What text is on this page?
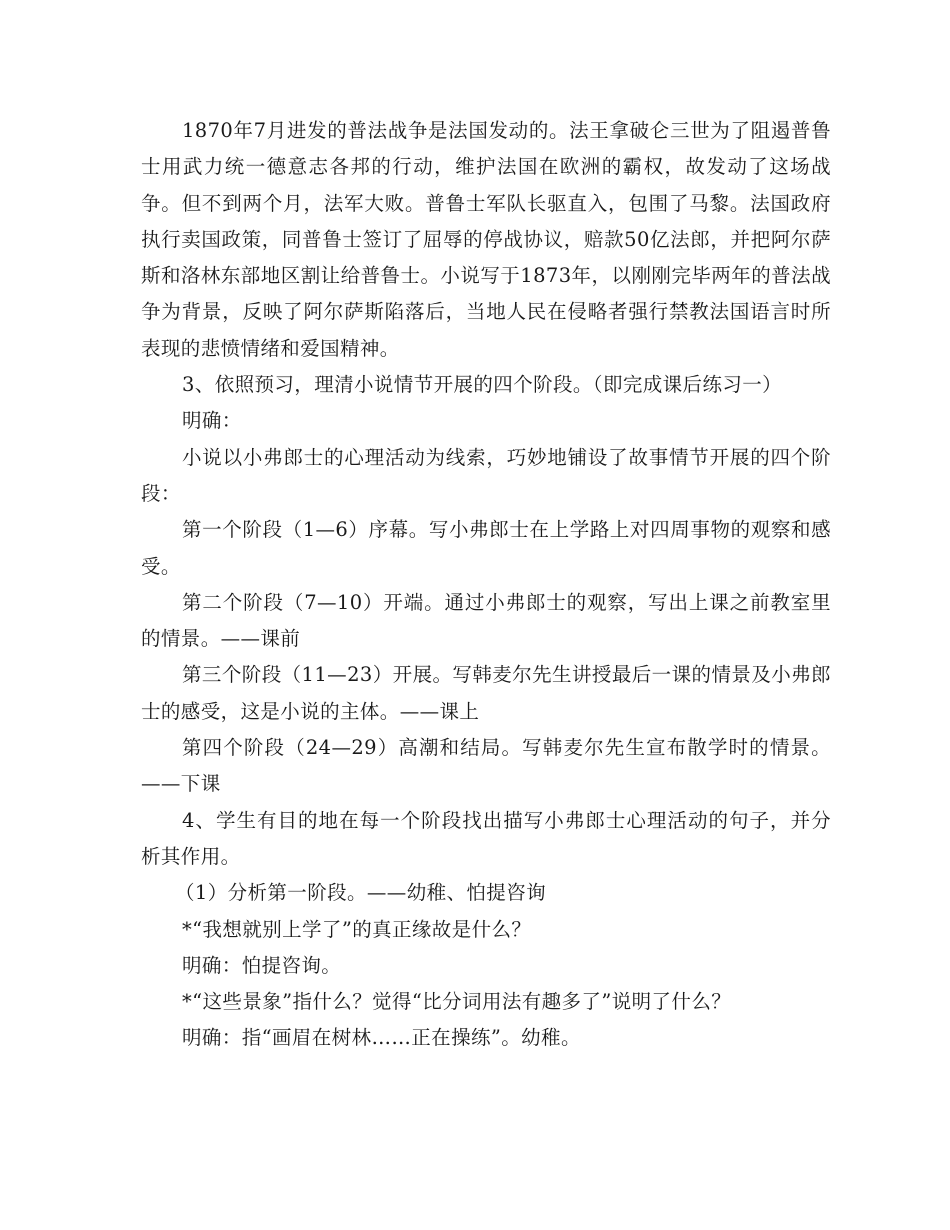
1870年7月进发的普法战争是法国发动的。法王拿破仑三世为了阻遏普鲁士用武力统一德意志各邦的行动，维护法国在欧洲的霸权，故发动了这场战争。但不到两个月，法军大败。普鲁士军队长驱直入，包围了马黎。法国政府执行卖国政策，同普鲁士签订了屈辱的停战协议，赔款50亿法郎，并把阿尔萨斯和洛林东部地区割让给普鲁士。小说写于1873年，以刚刚完毕两年的普法战争为背景，反映了阿尔萨斯陷落后，当地人民在侵略者强行禁教法国语言时所表现的悲愤情绪和爱国精神。

3、依照预习，理清小说情节开展的四个阶段。（即完成课后练习一）

明确：

小说以小弗郎士的心理活动为线索，巧妙地铺设了故事情节开展的四个阶段：

第一个阶段（1—6）序幕。写小弗郎士在上学路上对四周事物的观察和感受。

第二个阶段（7—10）开端。通过小弗郎士的观察，写出上课之前教室里的情景。——课前

第三个阶段（11—23）开展。写韩麦尔先生讲授最后一课的情景及小弗郎士的感受，这是小说的主体。——课上

第四个阶段（24—29）高潮和结局。写韩麦尔先生宣布散学时的情景。——下课

4、学生有目的地在每一个阶段找出描写小弗郎士心理活动的句子，并分析其作用。

（1）分析第一阶段。——幼稚、怕提咨询

*“我想就别上学了”的真正缘故是什么？

明确：怕提咨询。

*“这些景象”指什么？觉得“比分词用法有趣多了”说明了什么？

明确：指“画眉在树林……正在操练”。幼稚。
